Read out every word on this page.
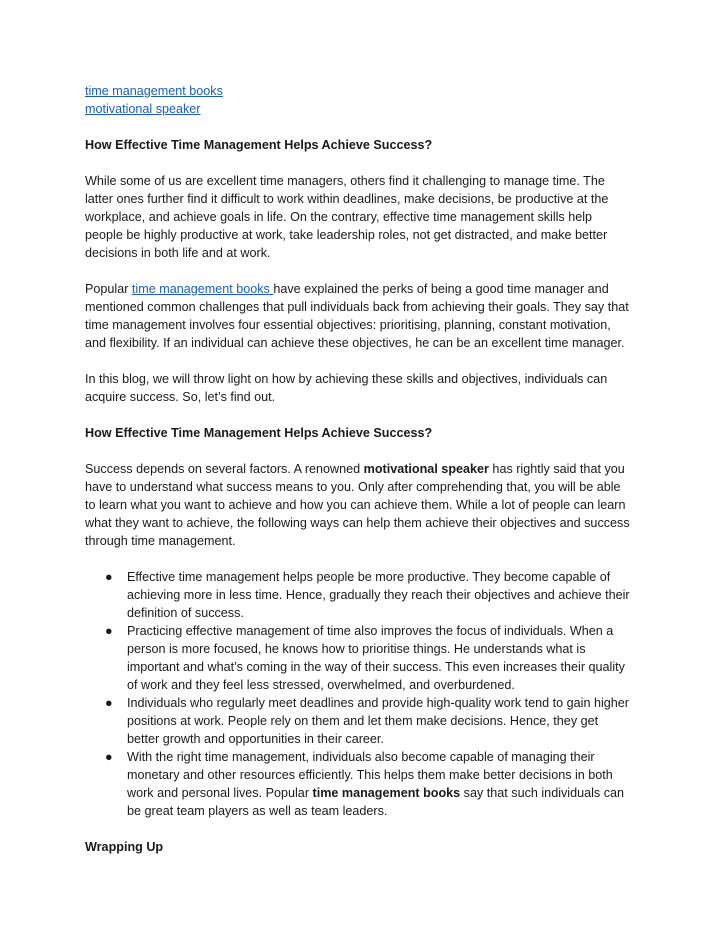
time management books
motivational speaker
How Effective Time Management Helps Achieve Success?

While some of us are excellent time managers, others find it challenging to manage time. The latter ones further find it difficult to work within deadlines, make decisions, be productive at the workplace, and achieve goals in life. On the contrary, effective time management skills help people be highly productive at work, take leadership roles, not get distracted, and make better decisions in both life and at work.

Popular time management books have explained the perks of being a good time manager and mentioned common challenges that pull individuals back from achieving their goals. They say that time management involves four essential objectives: prioritising, planning, constant motivation, and flexibility. If an individual can achieve these objectives, he can be an excellent time manager.

In this blog, we will throw light on how by achieving these skills and objectives, individuals can acquire success. So, let’s find out.

How Effective Time Management Helps Achieve Success?

Success depends on several factors. A renowned motivational speaker has rightly said that you have to understand what success means to you. Only after comprehending that, you will be able to learn what you want to achieve and how you can achieve them. While a lot of people can learn what they want to achieve, the following ways can help them achieve their objectives and success through time management.

● Effective time management helps people be more productive. They become capable of achieving more in less time. Hence, gradually they reach their objectives and achieve their definition of success.
● Practicing effective management of time also improves the focus of individuals. When a person is more focused, he knows how to prioritise things. He understands what is important and what’s coming in the way of their success. This even increases their quality of work and they feel less stressed, overwhelmed, and overburdened.
● Individuals who regularly meet deadlines and provide high-quality work tend to gain higher positions at work. People rely on them and let them make decisions. Hence, they get better growth and opportunities in their career.
● With the right time management, individuals also become capable of managing their monetary and other resources efficiently. This helps them make better decisions in both work and personal lives. Popular time management books say that such individuals can be great team players as well as team leaders.
Wrapping Up
